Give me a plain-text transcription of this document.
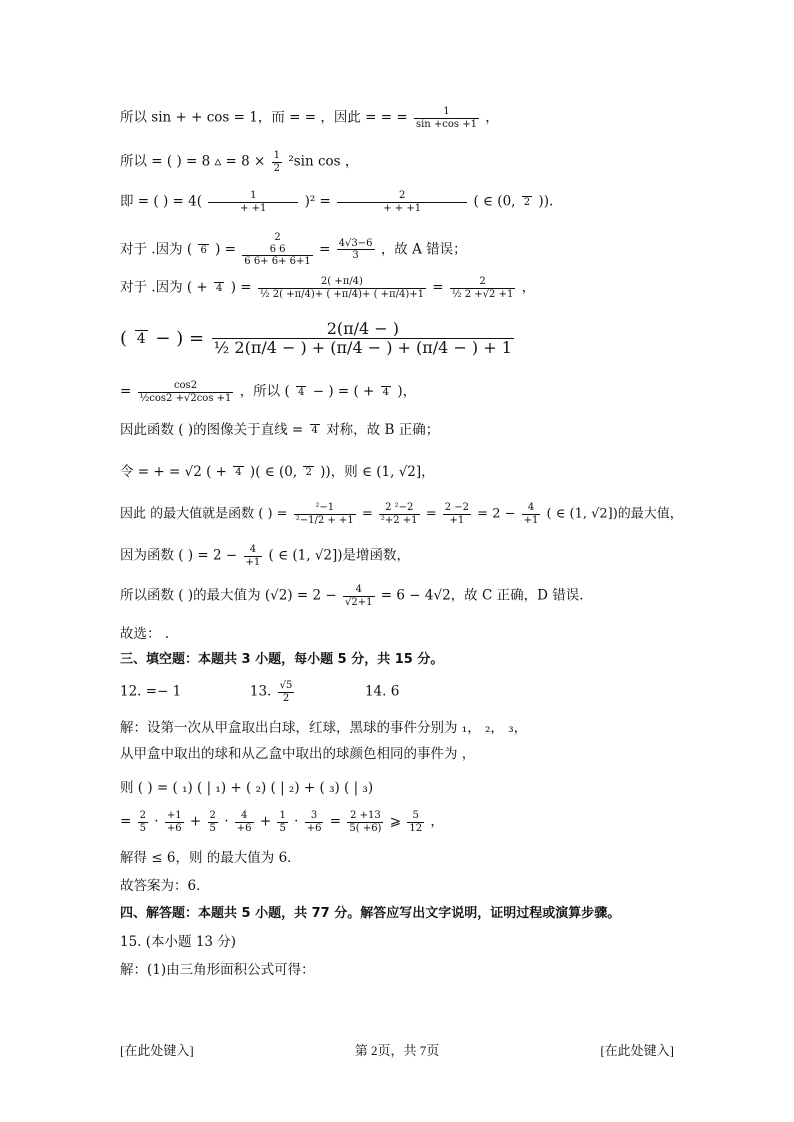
所以 sin + + cos = 1，而 = = ，因此 = = = $\frac{1}{\sin +\cos +1}$ ，
所以 = ( ) = 8 ▵ = $8 \times \frac{1}{2} ^2\sin$ cos ，
即 = ( ) = $4( \frac{1}{+ +1} )^2 = \frac{2}{+ + +1}$ ( ∈ (0, 2 )).
对于 .因为 ( 6 ) =
2
6 6
6 6+ 6+ 6+1
= $\frac{4√3-6}{3}$ ，故 A 错误；
对于 .因为 ( + 4 ) = $\frac{2( +\pi/4)}{\text{½ 2( +π/4)+ ( +π/4)+ ( +π/4)+1}} = \frac{2}{\text{½ 2 +√2 +1}}$ ，
( 4 − ) = $\frac{2(\pi/4 - )}{\text{½ 2(π/4 − ) + (π/4 − ) + (π/4 − ) + 1}}$
= $\frac{\cos 2}{\text{½cos2 +√2cos +1}}$ ，所以 ( 4 − ) = ( + 4 )，
因此函数 ( )的图像关于直线 = 4 对称，故 B 正确；
令 = + = √2 ( + 4 )( ∈ (0, 2 ))，则 ∈ (1, √2]，
因此 的最大值就是函数 ( ) = $\frac{\text{²−1}}{\text{²−1/2 + +1}} = \frac{\text{2 ²−2}}{\text{²+2 +1}} = \frac{2 -2}{+1} = 2 - \frac{4}{+1}$ ( ∈ (1, √2])的最大值，
因为函数 ( ) = $2 - \frac{4}{+1}$ ( ∈ (1, √2])是增函数，
所以函数 ( )的最大值为 $(√2) = 2 - \frac{4}{√2+1} = 6 - 4√2$，故 C 正确，D 错误．
故选： .
三、填空题：本题共 3 小题，每小题 5 分，共 15 分。
12. =− 1	13. $\frac{√5}{2}$	14. 6
解：设第一次从甲盒取出白球，红球，黑球的事件分别为 ₁， ₂， ₃，
从甲盒中取出的球和从乙盒中取出的球颜色相同的事件为 ，
则 ( ) = ( ₁) ( | ₁) + ( ₂) ( | ₂) + ( ₃) ( | ₃)
= $\frac{2}{5} \cdot \frac{+1}{+6} + \frac{2}{5} \cdot \frac{4}{+6} + \frac{1}{5} \cdot \frac{3}{+6} = \frac{2 +13}{5( +6)}$ ⩾ $\frac{5}{12}$ ，
解得 ≤ 6，则 的最大值为 6．
故答案为：6．
四、解答题：本题共 5 小题，共 77 分。解答应写出文字说明，证明过程或演算步骤。
15. (本小题 13 分)
解：(1)由三角形面积公式可得：
[在此处键入]	第 2页，共 7页	[在此处键入]
